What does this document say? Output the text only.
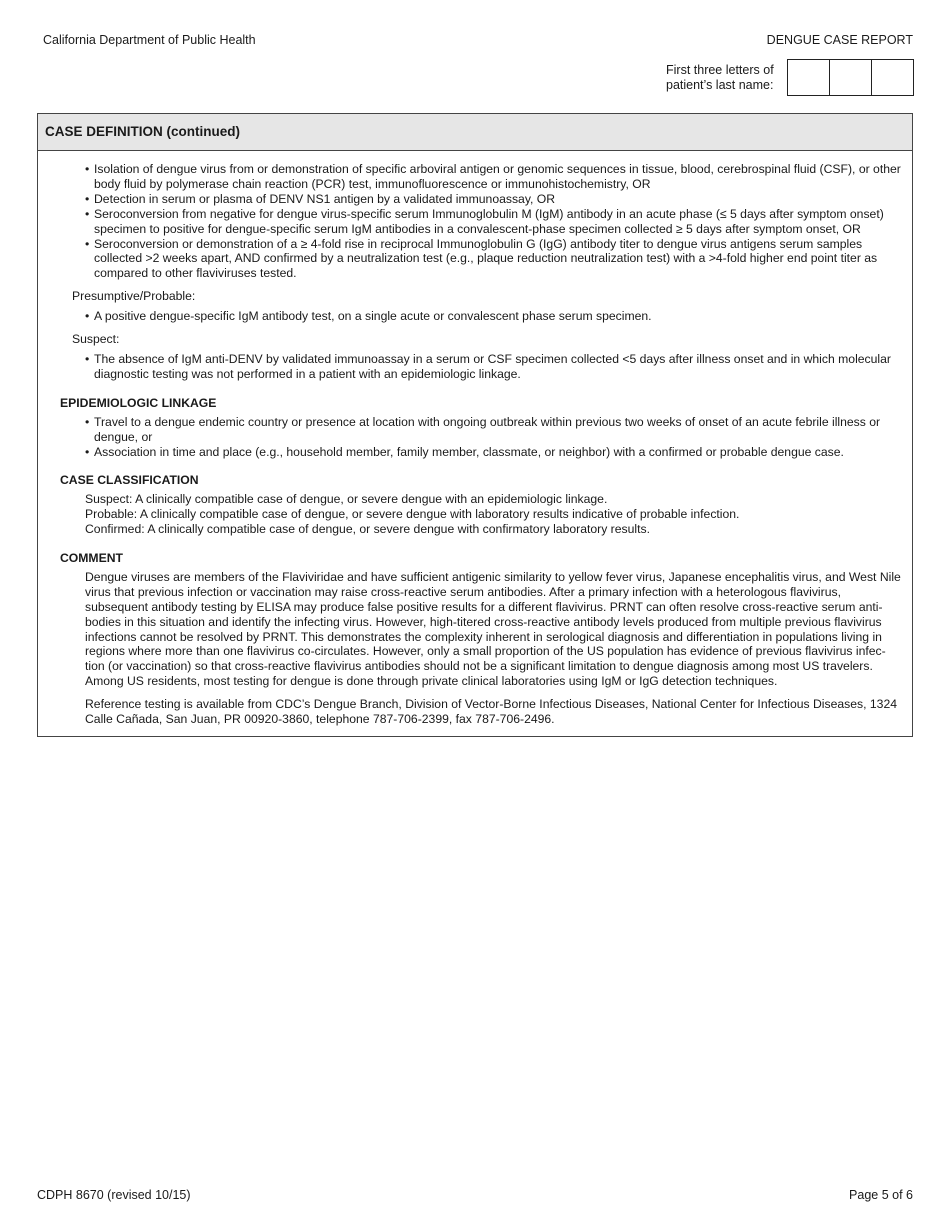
California Department of Public Health	DENGUE CASE REPORT
First three letters of patient’s last name:
CASE DEFINITION (continued)
• Isolation of dengue virus from or demonstration of specific arboviral antigen or genomic sequences in tissue, blood, cerebrospinal fluid (CSF), or other body fluid by polymerase chain reaction (PCR) test, immunofluorescence or immunohistochemistry, OR
• Detection in serum or plasma of DENV NS1 antigen by a validated immunoassay, OR
• Seroconversion from negative for dengue virus-specific serum Immunoglobulin M (IgM) antibody in an acute phase (≤ 5 days after symptom onset) specimen to positive for dengue-specific serum IgM antibodies in a convalescent-phase specimen collected ≥ 5 days after symptom onset, OR
• Seroconversion or demonstration of a ≥ 4-fold rise in reciprocal Immunoglobulin G (IgG) antibody titer to dengue virus antigens serum samples collected >2 weeks apart, AND confirmed by a neutralization test (e.g., plaque reduction neutralization test) with a >4-fold higher end point titer as compared to other flaviviruses tested.
Presumptive/Probable:
• A positive dengue-specific IgM antibody test, on a single acute or convalescent phase serum specimen.
Suspect:
• The absence of IgM anti-DENV by validated immunoassay in a serum or CSF specimen collected <5 days after illness onset and in which molecular diagnostic testing was not performed in a patient with an epidemiologic linkage.
EPIDEMIOLOGIC LINKAGE
• Travel to a dengue endemic country or presence at location with ongoing outbreak within previous two weeks of onset of an acute febrile illness or dengue, or
• Association in time and place (e.g., household member, family member, classmate, or neighbor) with a confirmed or probable dengue case.
CASE CLASSIFICATION
Suspect: A clinically compatible case of dengue, or severe dengue with an epidemiologic linkage.
Probable: A clinically compatible case of dengue, or severe dengue with laboratory results indicative of probable infection.
Confirmed: A clinically compatible case of dengue, or severe dengue with confirmatory laboratory results.
COMMENT

Dengue viruses are members of the Flaviviridae and have sufficient antigenic similarity to yellow fever virus, Japanese encephalitis virus, and West Nile virus that previous infection or vaccination may raise cross-reactive serum antibodies. After a primary infection with a heterologous flavivirus, subsequent antibody testing by ELISA may produce false positive results for a different flavivirus. PRNT can often resolve cross-reactive serum anti-bodies in this situation and identify the infecting virus. However, high-titered cross-reactive antibody levels produced from multiple previous flavivirus infections cannot be resolved by PRNT. This demonstrates the complexity inherent in serological diagnosis and differentiation in populations living in regions where more than one flavivirus co-circulates. However, only a small proportion of the US population has evidence of previous flavivirus infec-tion (or vaccination) so that cross-reactive flavivirus antibodies should not be a significant limitation to dengue diagnosis among most US travelers. Among US residents, most testing for dengue is done through private clinical laboratories using IgM or IgG detection techniques.

Reference testing is available from CDC’s Dengue Branch, Division of Vector-Borne Infectious Diseases, National Center for Infectious Diseases, 1324 Calle Cañada, San Juan, PR 00920-3860, telephone 787-706-2399, fax 787-706-2496.

CDPH 8670 (revised 10/15)	Page 5 of 6
